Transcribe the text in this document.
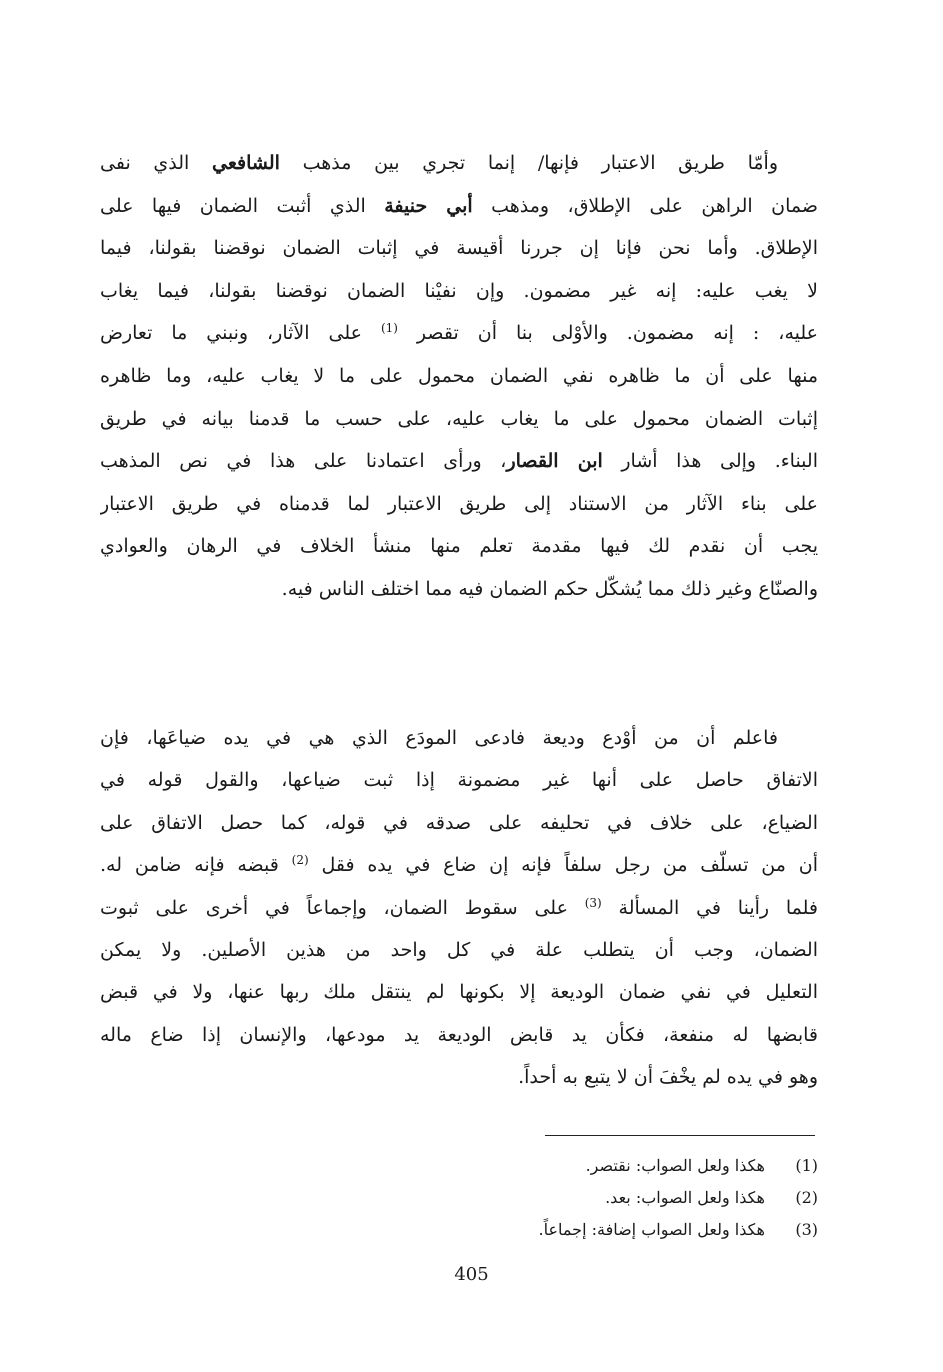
وأمّا طريق الاعتبار فإنها/ إنما تجري بين مذهب الشافعي الذي نفى
ضمان الراهن على الإطلاق، ومذهب أبي حنيفة الذي أثبت الضمان فيها على
الإطلاق. وأما نحن فإنا إن جررنا أقيسة في إثبات الضمان نوقضنا بقولنا، فيما
لا يغب عليه: إنه غير مضمون. وإن نفيْنا الضمان نوقضنا بقولنا، فيما يغاب
عليه، : إنه مضمون. والأوْلى بنا أن تقصر $^{(1)}$ على الآثار، ونبني ما تعارض
منها على أن ما ظاهره نفي الضمان محمول على ما لا يغاب عليه، وما ظاهره
إثبات الضمان محمول على ما يغاب عليه، على حسب ما قدمنا بيانه في طريق
البناء. وإلى هذا أشار ابن القصار، ورأى اعتمادنا على هذا في نص المذهب
على بناء الآثار من الاستناد إلى طريق الاعتبار لما قدمناه في طريق الاعتبار
يجب أن نقدم لك فيها مقدمة تعلم منها منشأ الخلاف في الرهان والعوادي
والصنّاع وغير ذلك مما يُشكّل حكم الضمان فيه مما اختلف الناس فيه.
فاعلم أن من أوْدع وديعة فادعى المودَع الذي هي في يده ضياعَها، فإن
الاتفاق حاصل على أنها غير مضمونة إذا ثبت ضياعها، والقول قوله في
الضياع، على خلاف في تحليفه على صدقه في قوله، كما حصل الاتفاق على
أن من تسلّف من رجل سلفاً فإنه إن ضاع في يده فقل $^{(2)}$ قبضه فإنه ضامن له.
فلما رأينا في المسألة $^{(3)}$ على سقوط الضمان، وإجماعاً في أخرى على ثبوت
الضمان، وجب أن يتطلب علة في كل واحد من هذين الأصلين. ولا يمكن
التعليل في نفي ضمان الوديعة إلا بكونها لم ينتقل ملك ربها عنها، ولا في قبض
قابضها له منفعة، فكأن يد قابض الوديعة يد مودعها، والإنسان إذا ضاع ماله
وهو في يده لم يخْفَ أن لا يتبع به أحداً.
(1) هكذا ولعل الصواب: نقتصر.
(2) هكذا ولعل الصواب: بعد.
(3) هكذا ولعل الصواب إضافة: إجماعاً.
405
